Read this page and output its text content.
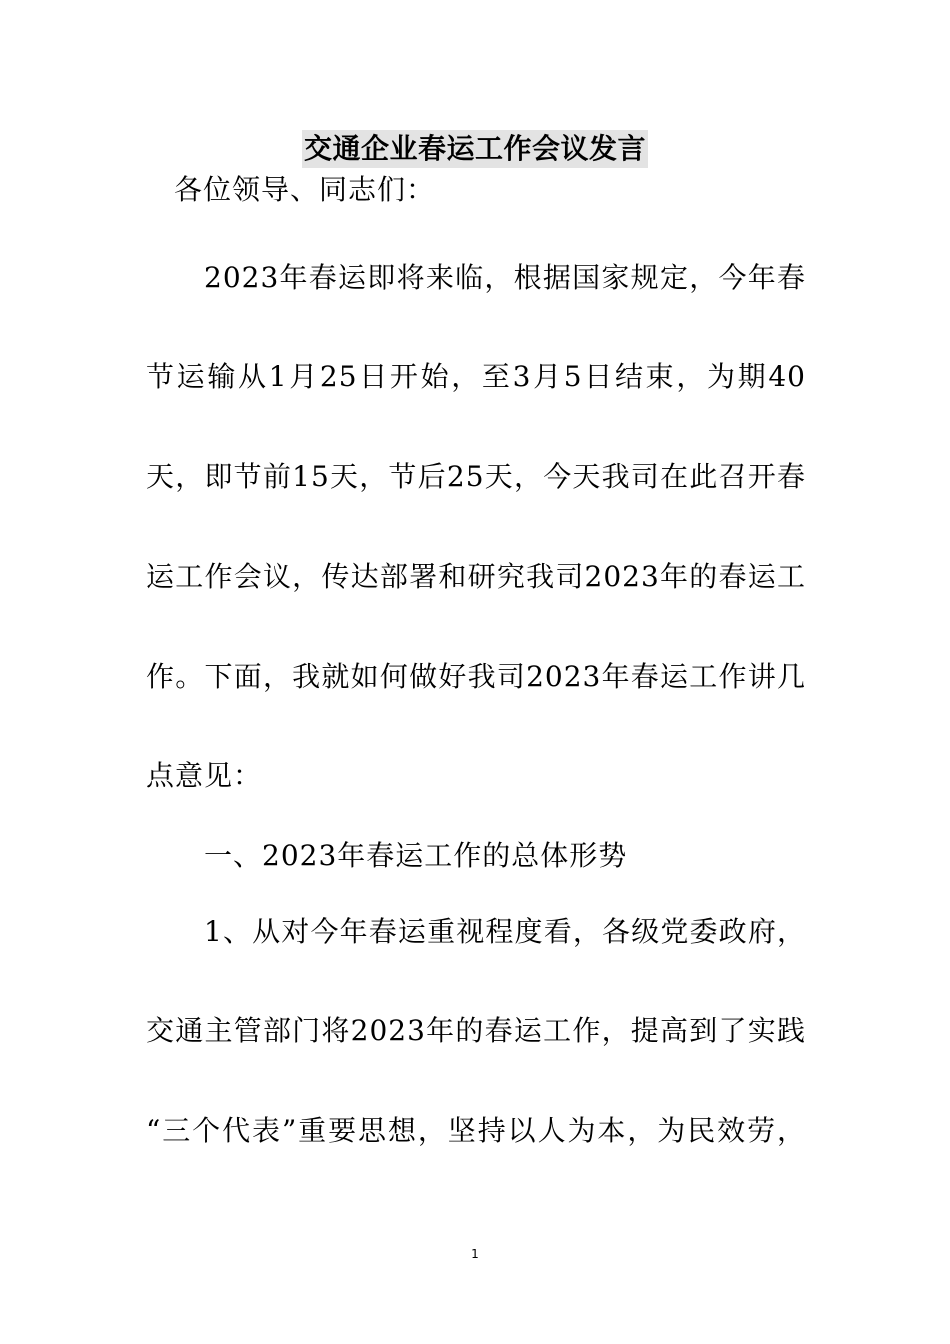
交通企业春运工作会议发言
各位领导、同志们：
2023年春运即将来临，根据国家规定，今年春
节运输从1月25日开始，至3月5日结束，为期40
天，即节前15天，节后25天，今天我司在此召开春
运工作会议，传达部署和研究我司2023年的春运工
作。下面，我就如何做好我司2023年春运工作讲几
点意见：
一、2023年春运工作的总体形势
1、从对今年春运重视程度看，各级党委政府，
交通主管部门将2023年的春运工作，提高到了实践
“三个代表”重要思想，坚持以人为本，为民效劳，
1
